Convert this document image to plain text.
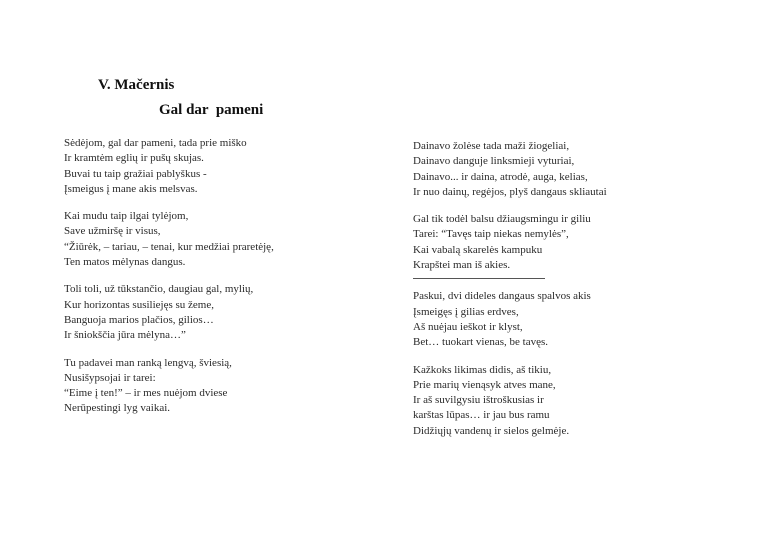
V. Mačernis
Gal dar  pameni

Sėdėjom, gal dar pameni, tada prie miško
Ir kramtėm eglių ir pušų skujas.
Buvai tu taip gražiai pablyškus -
Įsmeigus į mane akis melsvas.

Kai mudu taip ilgai tylėjom,
Save užmiršę ir visus,
“Žiūrėk, – tariau, – tenai, kur medžiai praretėję,
Ten matos mėlynas dangus.

Toli toli, už tūkstančio, daugiau gal, mylių,
Kur horizontas susiliejęs su žeme,
Banguoja marios plačios, gilios…
Ir šniokščia jūra mėlyna…”

Tu padavei man ranką lengvą, šviesią,
Nusišypsojai ir tarei:
“Eime į ten!” – ir mes nuėjom dviese
Nerūpestingi lyg vaikai.

Dainavo žolėse tada maži žiogeliai,
Dainavo danguje linksmieji vyturiai,
Dainavo... ir daina, atrodė, auga, kelias,
Ir nuo dainų, regėjos, plyš dangaus skliautai

Gal tik todėl balsu džiaugsmingu ir giliu
Tarei: “Tavęs taip niekas nemylės”,
Kai vabalą skarelės kampuku
Krapštei man iš akies.

Paskui, dvi dideles dangaus spalvos akis
Įsmeigęs į gilias erdves,
Aš nuėjau ieškot ir klyst,
Bet… tuokart vienas, be tavęs.

Kažkoks likimas didis, aš tikiu,
Prie marių vienąsyk atves mane,
Ir aš suvilgysiu ištroškusias ir
karštas lūpas… ir jau bus ramu
Didžiųjų vandenų ir sielos gelmėje.
